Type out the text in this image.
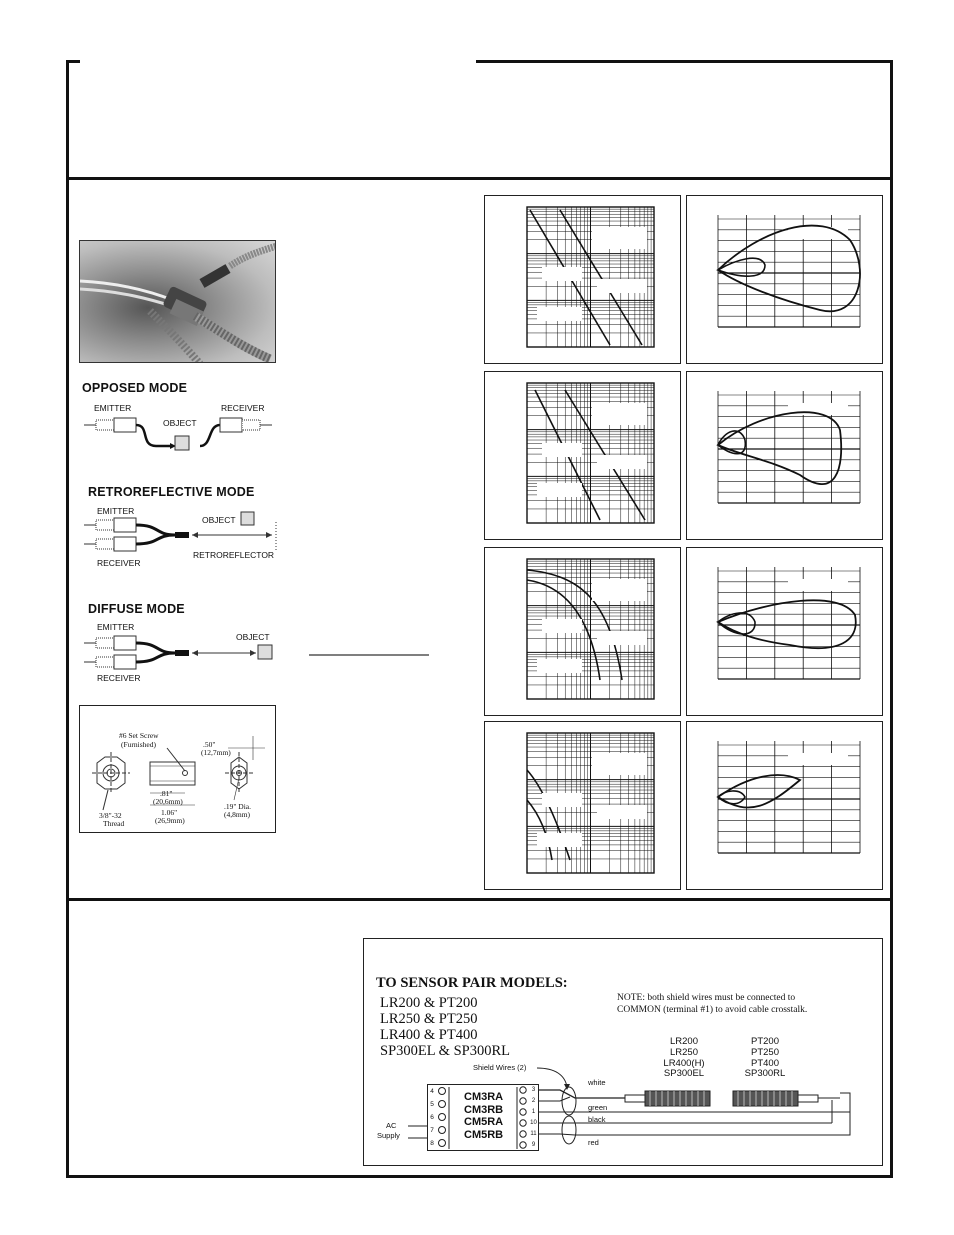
OPPOSED MODE
EMITTER	RECEIVER
OBJECT
RETROREFLECTIVE MODE
EMITTER
RECEIVER
OBJECT
RETROREFLECTOR
DIFFUSE MODE
EMITTER
RECEIVER
OBJECT
#6 Set Screw
(Furnished)	.50"
(12,7mm)
.81"
(20,6mm)
1.06"
(26,9mm)
.19" Dia.
(4,8mm)
3/8"-32
Thread
TO SENSOR PAIR MODELS:
LR200 & PT200
LR250 & PT250
LR400 & PT400
SP300EL & SP300RL
NOTE: both shield wires must be connected to
COMMON (terminal #1) to avoid cable crosstalk.
LR200
LR250
LR400(H)
SP300EL
PT200
PT250
PT400
SP300RL
Shield Wires (2)
white
green
black
red
AC
Supply
CM3RA
CM3RB
CM5RA
CM5RB
4
5
6
7
8
3
2
1
10
11
9
